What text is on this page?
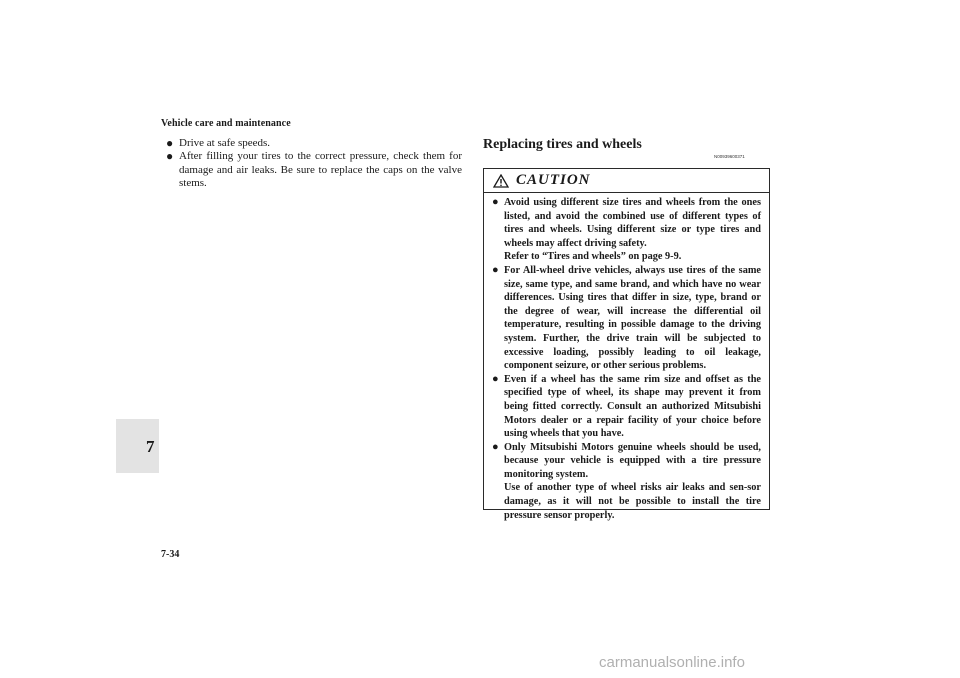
Vehicle care and maintenance
7
7-34
● Drive at safe speeds.
● After filling your tires to the correct pressure, check them for damage and air leaks. Be sure to replace the caps on the valve stems.
Replacing tires and wheels
N00939600371
CAUTION
● Avoid using different size tires and wheels from the ones listed, and avoid the combined use of different types of tires and wheels. Using different size or type tires and wheels may affect driving safety.
Refer to “Tires and wheels” on page 9-9.
● For All-wheel drive vehicles, always use tires of the same size, same type, and same brand, and which have no wear differences. Using tires that differ in size, type, brand or the degree of wear, will increase the differential oil temperature, resulting in possible damage to the driving system. Further, the drive train will be subjected to excessive loading, possibly leading to oil leakage, component seizure, or other serious problems.
● Even if a wheel has the same rim size and offset as the specified type of wheel, its shape may prevent it from being fitted correctly. Consult an authorized Mitsubishi Motors dealer or a repair facility of your choice before using wheels that you have.
● Only Mitsubishi Motors genuine wheels should be used, because your vehicle is equipped with a tire pressure monitoring system.
Use of another type of wheel risks air leaks and sen-sor damage, as it will not be possible to install the tire pressure sensor properly.
carmanualsonline.info
